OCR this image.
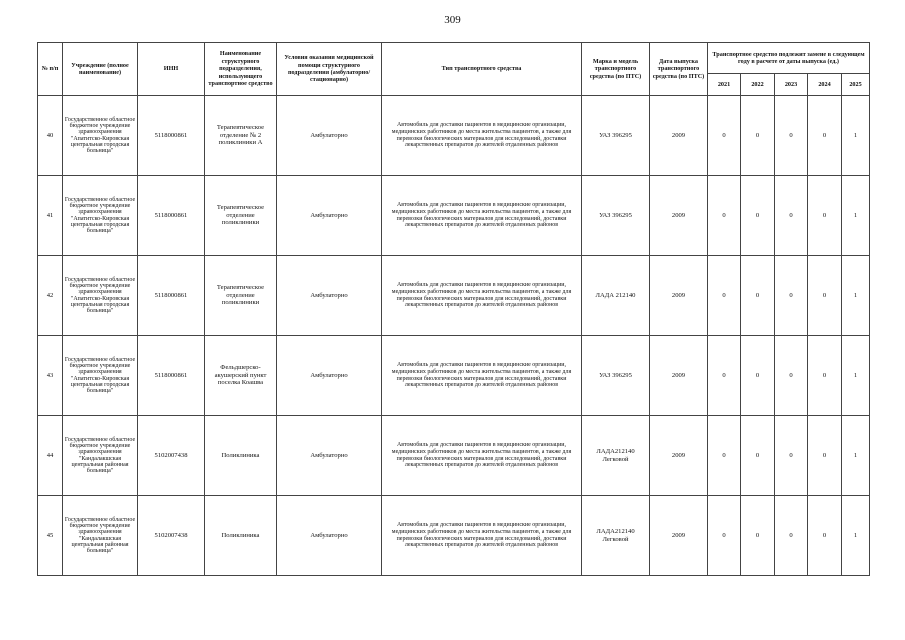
309
№ п/п	Учреждение (полное наименование)	ИНН	Наименование структурного подразделения, использующего транспортное средство	Условия оказания медицинской помощи структурного подразделения (амбулаторно/стационарно)	Тип транспортного средства	Марка и модель транспортного средства (по ПТС)	Дата выпуска транспортного средства (по ПТС)	Транспортное средство подлежит замене в следующем году в расчете от даты выпуска (ед.)				
								2021	2022	2023	2024	2025
40	Государственное областное бюджетное учреждение здравоохранения "Апатитско-Кировская центральная городская больница"	5118000861	Терапевтическое отделение № 2 поликлиники А	Амбулаторно	Автомобиль для доставки пациентов в медицинские организации, медицинских работников до места жительства пациентов, а также для перевозки биологических материалов для исследований, доставки лекарственных препаратов до жителей отдаленных районов	УАЗ 396295	2009	0	0	0	0	1
41	Государственное областное бюджетное учреждение здравоохранения "Апатитско-Кировская центральная городская больница"	5118000861	Терапевтическое отделение поликлиники	Амбулаторно	Автомобиль для доставки пациентов в медицинские организации, медицинских работников до места жительства пациентов, а также для перевозки биологических материалов для исследований, доставки лекарственных препаратов до жителей отдаленных районов	УАЗ 396295	2009	0	0	0	0	1
42	Государственное областное бюджетное учреждение здравоохранения "Апатитско-Кировская центральная городская больница"	5118000861	Терапевтическое отделение поликлиники	Амбулаторно	Автомобиль для доставки пациентов в медицинские организации, медицинских работников до места жительства пациентов, а также для перевозки биологических материалов для исследований, доставки лекарственных препаратов до жителей отдаленных районов	ЛАДА 212140	2009	0	0	0	0	1
43	Государственное областное бюджетное учреждение здравоохранения "Апатитско-Кировская центральная городская больница"	5118000861	Фельдшерско-акушерский пункт поселка Коашва	Амбулаторно	Автомобиль для доставки пациентов в медицинские организации, медицинских работников до места жительства пациентов, а также для перевозки биологических материалов для исследований, доставки лекарственных препаратов до жителей отдаленных районов	УАЗ 396295	2009	0	0	0	0	1
44	Государственное областное бюджетное учреждение здравоохранения "Кандалакшская центральная районная больница"	5102007438	Поликлиника	Амбулаторно	Автомобиль для доставки пациентов в медицинские организации, медицинских работников до места жительства пациентов, а также для перевозки биологических материалов для исследований, доставки лекарственных препаратов до жителей отдаленных районов	ЛАДА212140 Легковой	2009	0	0	0	0	1
45	Государственное областное бюджетное учреждение здравоохранения "Кандалакшская центральная районная больница"	5102007438	Поликлиника	Амбулаторно	Автомобиль для доставки пациентов в медицинские организации, медицинских работников до места жительства пациентов, а также для перевозки биологических материалов для исследований, доставки лекарственных препаратов до жителей отдаленных районов	ЛАДА212140 Легковой	2009	0	0	0	0	1
